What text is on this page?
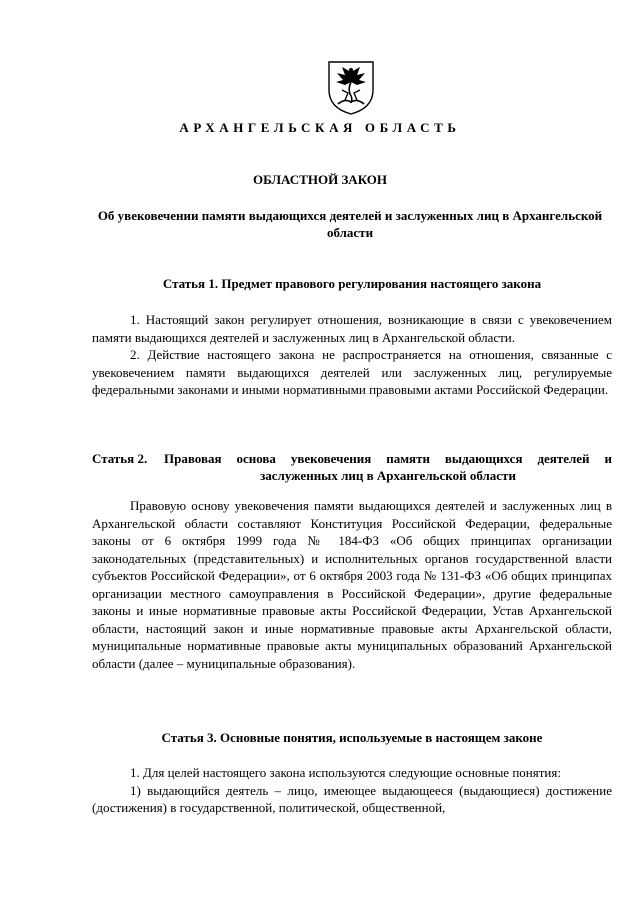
АРХАНГЕЛЬСКАЯ ОБЛАСТЬ
ОБЛАСТНОЙ ЗАКОН
Об увековечении памяти выдающихся деятелей и заслуженных лиц в Архангельской области
Статья 1. Предмет правового регулирования настоящего закона

1. Настоящий закон регулирует отношения, возникающие в связи с увековечением памяти выдающихся деятелей и заслуженных лиц в Архангельской области.

2. Действие настоящего закона не распространяется на отношения, связанные с увековечением памяти выдающихся деятелей или заслуженных лиц, регулируемые федеральными законами и иными нормативными правовыми актами Российской Федерации.

Статья 2.	Правовая основа увековечения памяти выдающихся деятелей и заслуженных лиц в Архангельской области

Правовую основу увековечения памяти выдающихся деятелей и заслуженных лиц в Архангельской области составляют Конституция Российской Федерации, федеральные законы от 6 октября 1999 года № 184-ФЗ «Об общих принципах организации законодательных (представительных) и исполнительных органов государственной власти субъектов Российской Федерации», от 6 октября 2003 года № 131-ФЗ «Об общих принципах организации местного самоуправления в Российской Федерации», другие федеральные законы и иные нормативные правовые акты Российской Федерации, Устав Архангельской области, настоящий закон и иные нормативные правовые акты Архангельской области, муниципальные нормативные правовые акты муниципальных образований Архангельской области (далее – муниципальные образования).

Статья 3. Основные понятия, используемые в настоящем законе

1. Для целей настоящего закона используются следующие основные понятия:

1) выдающийся деятель – лицо, имеющее выдающееся (выдающиеся) достижение (достижения) в государственной, политической, общественной,
